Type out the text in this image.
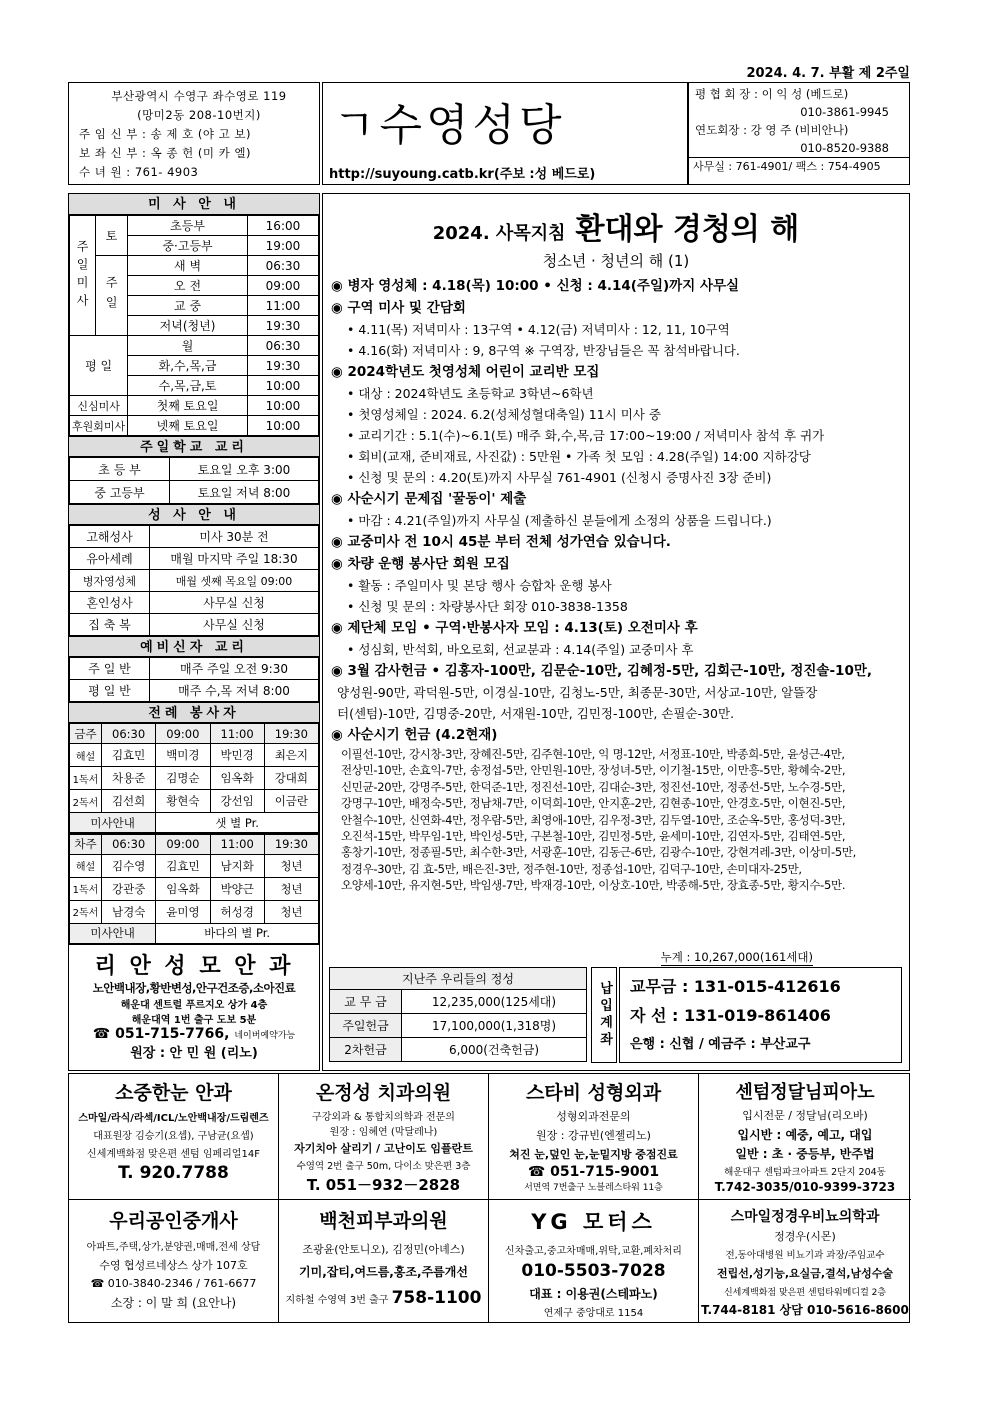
2024. 4. 7. 부활 제 2주일
부산광역시 수영구 좌수영로 119
(망미2동 208-10번지)
주 임 신 부 : 송 제 호 (야 고 보)
보 좌 신 부 : 옥 종 헌 (미 카 엘)
수 녀 원 : 761- 4903
ㄱ수영성당
http://suyoung.catb.kr(주보 :성 베드로)
평 협 회 장 : 이 익 성 (베드로)
010-3861-9945
연도회장 : 강 영 주 (비비안나)
010-8520-9388
사무실 : 761-4901/ 팩스 : 754-4905
미 사 안 내
주일미사	토	초등부	16:00
		중·고등부	19:00
	주일	새 벽	06:30
		오 전	09:00
		교 중	11:00
		저녁(청년)	19:30
평 일		월	06:30
		화,수,목,금	19:30
		수,목,금,토	10:00
신심미사		첫째 토요일	10:00
후원회미사		넷째 토요일	10:00
주일학교 교리
초 등 부	토요일 오후 3:00
중 고등부	토요일 저녁 8:00
성 사 안 내
고해성사	미사 30분 전
유아세례	매월 마지막 주일 18:30
병자영성체	매월 셋째 목요일 09:00
혼인성사	사무실 신청
집 축 복	사무실 신청
예비신자 교리
주 일 반	매주 주일 오전 9:30
평 일 반	매주 수,목 저녁 8:00
전례 봉사자
금주	06:30	09:00	11:00	19:30
해설	김효민	백미경	박민경	최은지
1독서	차용준	김명순	임옥화	강대희
2독서	김선희	황현숙	강선임	이금란
미사안내		샛 별 Pr.		
차주	06:30	09:00	11:00	19:30
해설	김수영	김효민	남지화	청년
1독서	강관중	임옥화	박양근	청년
2독서	남경숙	윤미영	허성경	청년
미사안내		바다의 별 Pr.		
리 안 성 모 안 과
노안백내장,황반변성,안구건조증,소아진료
해운대 센트럴 푸르지오 상가 4층
해운대역 1번 출구 도보 5분
☎ 051-715-7766, 네이버예약가능
원장 : 안 민 원 (리노)
2024. 사목지침 환대와 경청의 해
청소년 · 청년의 해 (1)
◉ 병자 영성체 : 4.18(목) 10:00 • 신청 : 4.14(주일)까지 사무실
◉ 구역 미사 및 간담회
• 4.11(목) 저녁미사 : 13구역 • 4.12(금) 저녁미사 : 12, 11, 10구역
• 4.16(화) 저녁미사 : 9, 8구역 ※ 구역장, 반장님들은 꼭 참석바랍니다.
◉ 2024학년도 첫영성체 어린이 교리반 모집
• 대상 : 2024학년도 초등학교 3학년~6학년
• 첫영성체일 : 2024. 6.2(성체성혈대축일) 11시 미사 중
• 교리기간 : 5.1(수)~6.1(토) 매주 화,수,목,금 17:00~19:00 / 저녁미사 참석 후 귀가
• 회비(교재, 준비재료, 사진값) : 5만원 • 가족 첫 모임 : 4.28(주일) 14:00 지하강당
• 신청 및 문의 : 4.20(토)까지 사무실 761-4901 (신청시 증명사진 3장 준비)
◉ 사순시기 문제집 '꿀동이' 제출
• 마감 : 4.21(주일)까지 사무실 (제출하신 분들에게 소정의 상품을 드립니다.)
◉ 교중미사 전 10시 45분 부터 전체 성가연습 있습니다.
◉ 차량 운행 봉사단 회원 모집
• 활동 : 주일미사 및 본당 행사 승합차 운행 봉사
• 신청 및 문의 : 차량봉사단 회장 010-3838-1358
◉ 제단체 모임 • 구역·반봉사자 모임 : 4.13(토) 오전미사 후
• 성심회, 반석회, 바오로회, 선교분과 : 4.14(주일) 교중미사 후
◉ 3월 감사헌금 • 김홍자-100만, 김문순-10만, 김혜정-5만, 김회근-10만, 정진솔-10만,
양성원-90만, 곽덕원-5만, 이경실-10만, 김청노-5만, 최종문-30만, 서상교-10만, 알뜰장
터(센텀)-10만, 김명중-20만, 서재원-10만, 김민정-100만, 손필순-30만.
◉ 사순시기 헌금 (4.2현재)
이필선-10만, 강시창-3만, 장혜진-5만, 김주현-10만, 익 명-12만, 서정표-10만, 박종희-5만, 윤성근-4만,
전상민-10만, 손효익-7만, 송정섭-5만, 안민원-10만, 장성녀-5만, 이기철-15만, 이만흥-5만, 황혜숙-2만,
신민균-20만, 강명주-5만, 한덕준-1만, 정진선-10만, 김대순-3만, 정진선-10만, 정종선-5만, 노수경-5만,
강명구-10만, 배정숙-5만, 정남채-7만, 이덕희-10만, 안지훈-2만, 김현종-10만, 안경호-5만, 이현진-5만,
안철수-10만, 신연화-4만, 정우람-5만, 최영애-10만, 김우정-3만, 김두열-10만, 조순옥-5만, 홍성덕-3만,
오진석-15만, 박무임-1만, 박인성-5만, 구본철-10만, 김민정-5만, 윤세미-10만, 김연자-5만, 김태연-5만,
홍창기-10만, 정종필-5만, 최수한-3만, 서광훈-10만, 김동근-6만, 김광수-10만, 강현겨레-3만, 이상미-5만,
정경우-30만, 김 효-5만, 배은진-3만, 정주현-10만, 정종섭-10만, 김덕구-10만, 손미대자-25만,
오양세-10만, 유지현-5만, 박임생-7만, 박재경-10만, 이상호-10만, 박종해-5만, 장효종-5만, 황지수-5만.
누계 : 10,267,000(161세대)
지난주 우리들의 정성	
교 무 금	12,235,000(125세대)
주일헌금	17,100,000(1,318명)
2차헌금	6,000(건축헌금)
납입계좌	교무금 : 131-015-412616
자 선 : 131-019-861406
은행 : 신협 / 예금주 : 부산교구
소중한눈 안과
스마일/라식/라섹/ICL/노안백내장/드림렌즈
대표원장 김승기(요셉), 구남균(요셉)
신세계백화점 맞은편 센텀 임페리얼14F
T. 920.7788
온정성 치과의원
구강외과 & 통합치의학과 전문의
원장 : 임혜연 (막달레나)
자기치아 살리기 / 고난이도 임플란트
수영역 2번 출구 50m, 다이소 맞은편 3층
T. 051－932－2828
스타비 성형외과
성형외과전문의
원장 : 강규빈(엔젤리노)
쳐진 눈,덮인 눈,눈밑지방 중점진료
☎ 051-715-9001
서면역 7번출구 노블레스타워 11층
센텀정달님피아노
입시전문 / 정달님(리오바)
입시반 : 예중, 예고, 대입
일반 : 초 · 중등부, 반주법
해운대구 센텀파크아파트 2단지 204동
T.742-3035/010-9399-3723
우리공인중개사
아파트,주택,상가,분양권,매매,전세 상담
수영 협성르네상스 상가 107호
☎ 010-3840-2346 / 761-6677
소장 : 이 말 희 (요안나)
백천피부과의원
조광윤(안토니오), 김정민(아녜스)
기미,잡티,여드름,홍조,주름개선
지하철 수영역 3번 출구 758-1100
YG 모터스
신차출고,중고차매매,위탁,교환,폐차처리
010-5503-7028
대표 : 이용권(스테파노)
연제구 중앙대로 1154
스마일정경우비뇨의학과
정경우(시몬)
전,동아대병원 비뇨기과 과장/주임교수
전립선,성기능,요실금,결석,남성수술
신세계백화점 맞은편 센텀타워메디컬 2층
T.744-8181 상담 010-5616-8600
